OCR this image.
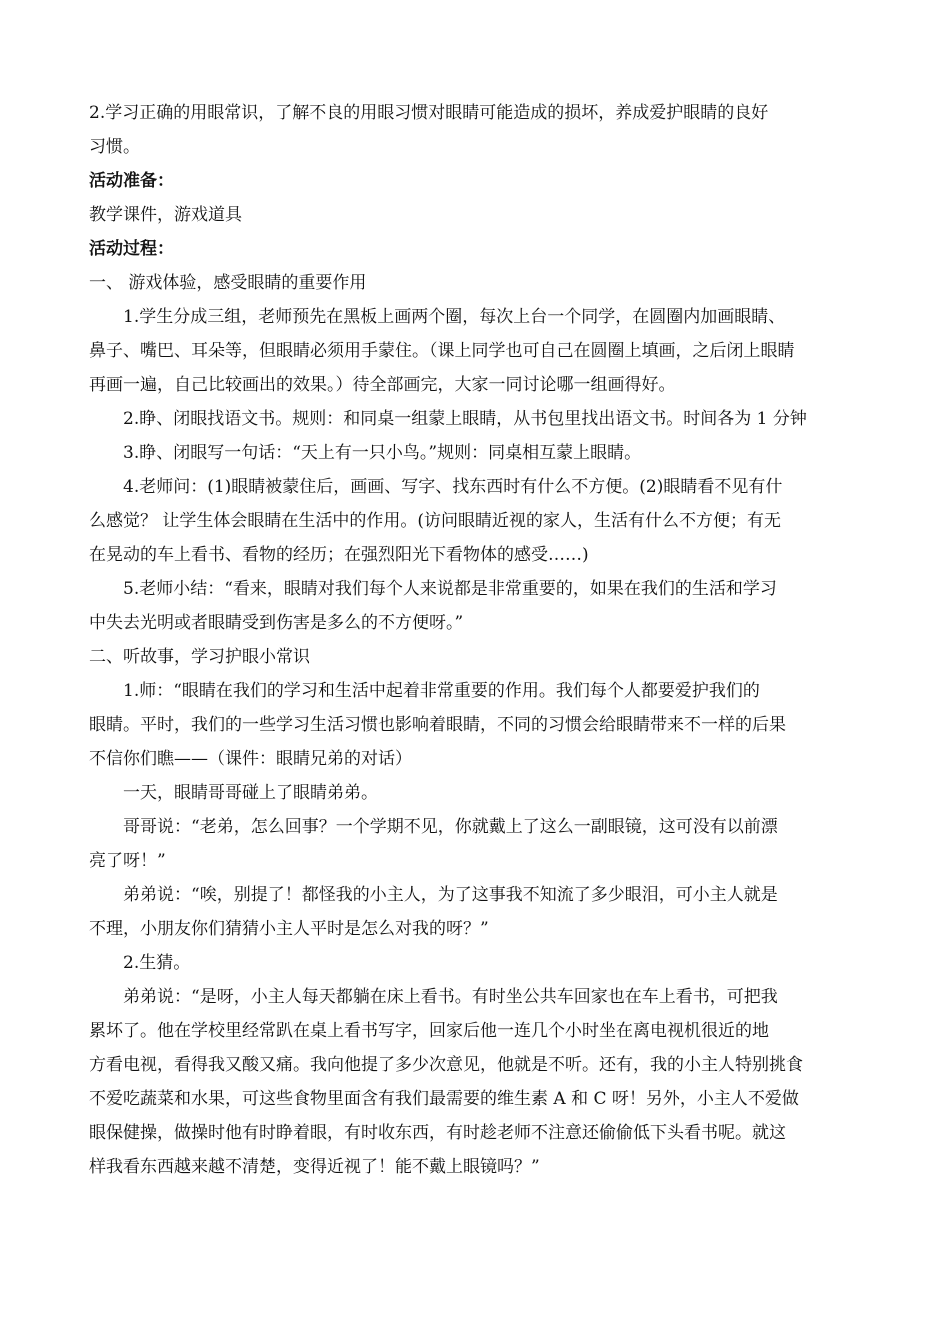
2.学习正确的用眼常识，了解不良的用眼习惯对眼睛可能造成的损坏，养成爱护眼睛的良好
习惯。
活动准备：
教学课件，游戏道具
活动过程：
一、 游戏体验，感受眼睛的重要作用
1.学生分成三组，老师预先在黑板上画两个圈，每次上台一个同学，在圆圈内加画眼睛、
鼻子、嘴巴、耳朵等，但眼睛必须用手蒙住。（课上同学也可自己在圆圈上填画，之后闭上眼睛
再画一遍，自己比较画出的效果。）待全部画完，大家一同讨论哪一组画得好。
2.睁、闭眼找语文书。规则：和同桌一组蒙上眼睛，从书包里找出语文书。时间各为 1 分钟
3.睁、闭眼写一句话：“天上有一只小鸟。”规则：同桌相互蒙上眼睛。
4.老师问：(1)眼睛被蒙住后，画画、写字、找东西时有什么不方便。(2)眼睛看不见有什
么感觉？ 让学生体会眼睛在生活中的作用。(访问眼睛近视的家人，生活有什么不方便；有无
在晃动的车上看书、看物的经历；在强烈阳光下看物体的感受……)
5.老师小结：“看来，眼睛对我们每个人来说都是非常重要的，如果在我们的生活和学习
中失去光明或者眼睛受到伤害是多么的不方便呀。”
二、听故事，学习护眼小常识
1.师：“眼睛在我们的学习和生活中起着非常重要的作用。我们每个人都要爱护我们的
眼睛。平时，我们的一些学习生活习惯也影响着眼睛，不同的习惯会给眼睛带来不一样的后果
不信你们瞧——（课件：眼睛兄弟的对话）
一天，眼睛哥哥碰上了眼睛弟弟。
哥哥说：“老弟，怎么回事？一个学期不见，你就戴上了这么一副眼镜，这可没有以前漂
亮了呀！”
弟弟说：“唉，别提了！都怪我的小主人，为了这事我不知流了多少眼泪，可小主人就是
不理，小朋友你们猜猜小主人平时是怎么对我的呀？”
2.生猜。
弟弟说：“是呀，小主人每天都躺在床上看书。有时坐公共车回家也在车上看书，可把我
累坏了。他在学校里经常趴在桌上看书写字，回家后他一连几个小时坐在离电视机很近的地
方看电视，看得我又酸又痛。我向他提了多少次意见，他就是不听。还有，我的小主人特别挑食
不爱吃蔬菜和水果，可这些食物里面含有我们最需要的维生素 A 和 C 呀！另外，小主人不爱做
眼保健操，做操时他有时睁着眼，有时收东西，有时趁老师不注意还偷偷低下头看书呢。就这
样我看东西越来越不清楚，变得近视了！能不戴上眼镜吗？”
